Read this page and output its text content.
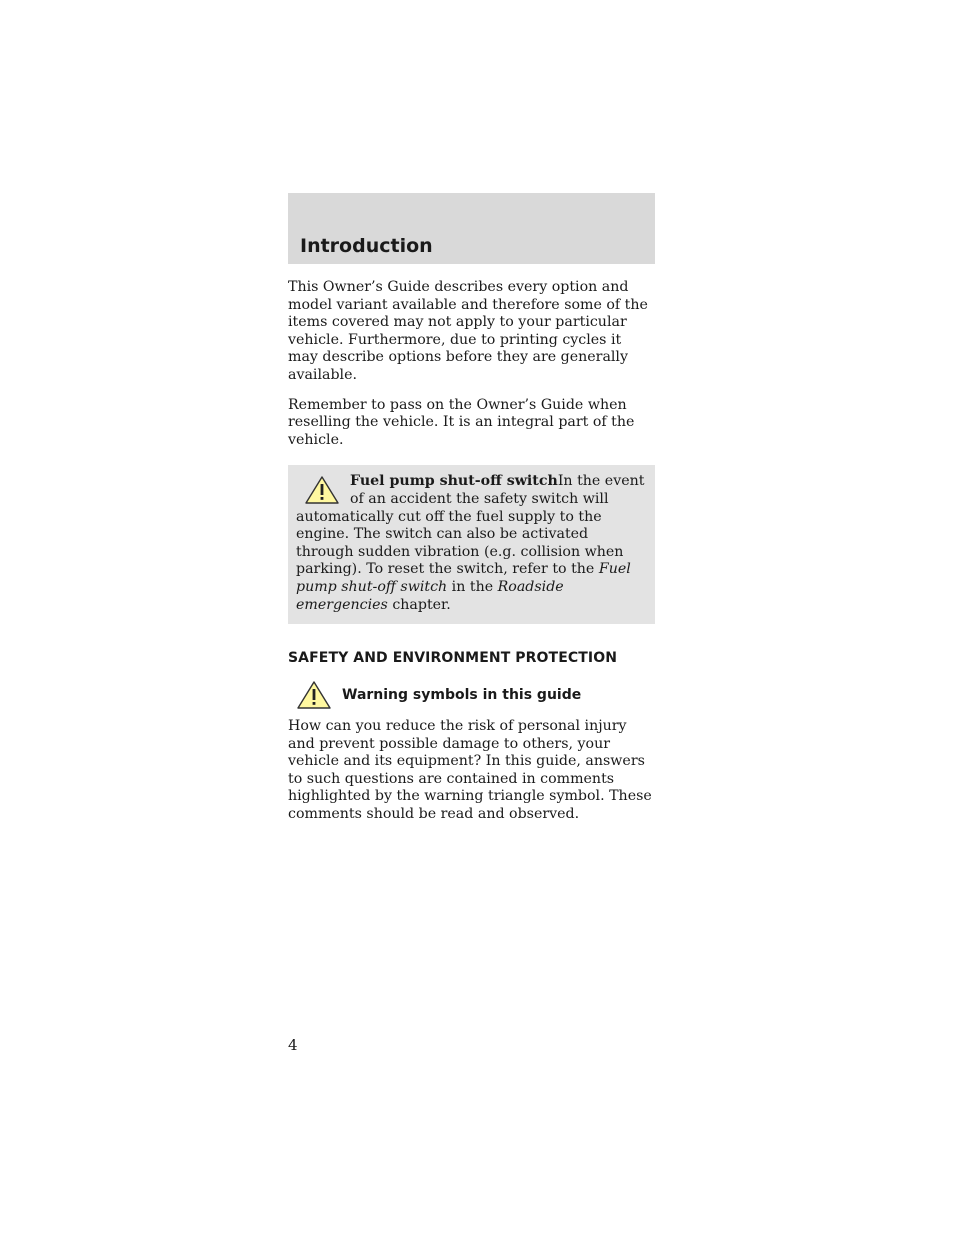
Introduction

This Owner’s Guide describes every option and model variant available and therefore some of the items covered may not apply to your particular vehicle. Furthermore, due to printing cycles it may describe options before they are generally available.

Remember to pass on the Owner’s Guide when reselling the vehicle. It is an integral part of the vehicle.

Fuel pump shut-off switchIn the event of an accident the safety switch will automatically cut off the fuel supply to the engine. The switch can also be activated through sudden vibration (e.g. collision when parking). To reset the switch, refer to the Fuel pump shut-off switch in the Roadside emergencies chapter.
SAFETY AND ENVIRONMENT PROTECTION
Warning symbols in this guide

How can you reduce the risk of personal injury and prevent possible damage to others, your vehicle and its equipment? In this guide, answers to such questions are contained in comments highlighted by the warning triangle symbol. These comments should be read and observed.

4
